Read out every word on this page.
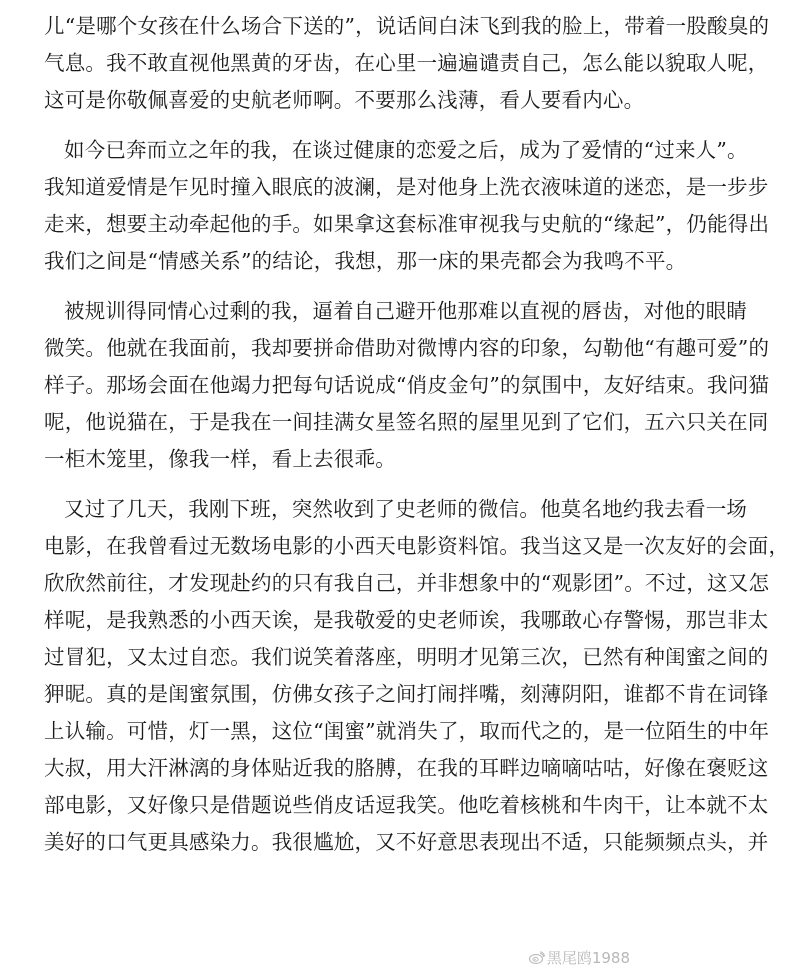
儿“是哪个女孩在什么场合下送的”，说话间白沫飞到我的脸上，带着一股酸臭的
气息。我不敢直视他黑黄的牙齿，在心里一遍遍谴责自己，怎么能以貌取人呢，
这可是你敬佩喜爱的史航老师啊。不要那么浅薄，看人要看内心。
如今已奔而立之年的我，在谈过健康的恋爱之后，成为了爱情的“过来人”。
我知道爱情是乍见时撞入眼底的波澜，是对他身上洗衣液味道的迷恋，是一步步
走来，想要主动牵起他的手。如果拿这套标准审视我与史航的“缘起”，仍能得出
我们之间是“情感关系”的结论，我想，那一床的果壳都会为我鸣不平。
被规训得同情心过剩的我，逼着自己避开他那难以直视的唇齿，对他的眼睛
微笑。他就在我面前，我却要拼命借助对微博内容的印象，勾勒他“有趣可爱”的
样子。那场会面在他竭力把每句话说成“俏皮金句”的氛围中，友好结束。我问猫
呢，他说猫在，于是我在一间挂满女星签名照的屋里见到了它们，五六只关在同
一柜木笼里，像我一样，看上去很乖。
又过了几天，我刚下班，突然收到了史老师的微信。他莫名地约我去看一场
电影，在我曾看过无数场电影的小西天电影资料馆。我当这又是一次友好的会面，
欣欣然前往，才发现赴约的只有我自己，并非想象中的“观影团”。不过，这又怎
样呢，是我熟悉的小西天诶，是我敬爱的史老师诶，我哪敢心存警惕，那岂非太
过冒犯，又太过自恋。我们说笑着落座，明明才见第三次，已然有种闺蜜之间的
狎昵。真的是闺蜜氛围，仿佛女孩子之间打闹拌嘴，刻薄阴阳，谁都不肯在词锋
上认输。可惜，灯一黑，这位“闺蜜”就消失了，取而代之的，是一位陌生的中年
大叔，用大汗淋漓的身体贴近我的胳膊，在我的耳畔边嘀嘀咕咕，好像在褒贬这
部电影，又好像只是借题说些俏皮话逗我笑。他吃着核桃和牛肉干，让本就不太
美好的口气更具感染力。我很尴尬，又不好意思表现出不适，只能频频点头，并
黑尾鸥1988
